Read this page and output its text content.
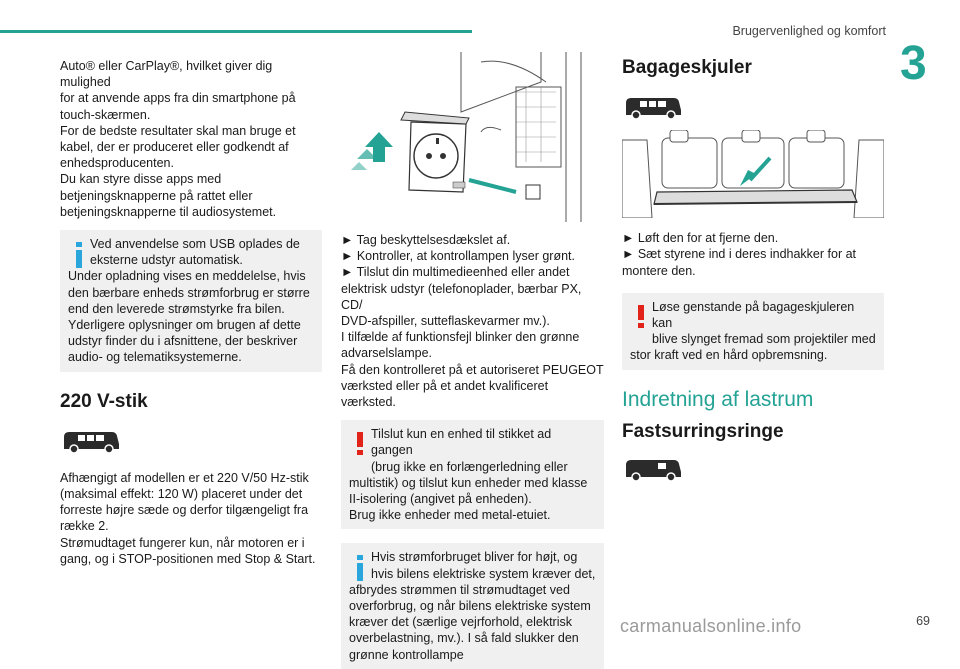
Brugervenlighed og komfort
3

Auto® eller CarPlay®, hvilket giver dig mulighed

for at anvende apps fra din smartphone på

touch-skærmen.

For de bedste resultater skal man bruge et

kabel, der er produceret eller godkendt af

enhedsproducenten.

Du kan styre disse apps med

betjeningsknapperne på rattet eller

betjeningsknapperne til audiosystemet.

Ved anvendelse som USB oplades de

eksterne udstyr automatisk.

Under opladning vises en meddelelse, hvis

den bærbare enheds strømforbrug er større

end den leverede strømstyrke fra bilen.

Yderligere oplysninger om brugen af dette

udstyr finder du i afsnittene, der beskriver

audio- og telematiksystemerne.

220 V-stik

Afhængigt af modellen er et 220 V/50 Hz-stik

(maksimal effekt: 120 W) placeret under det

forreste højre sæde og derfor tilgængeligt fra

række 2.

Strømudtaget fungerer kun, når motoren er i

gang, og i STOP-positionen med Stop & Start.

► Tag beskyttelsesdækslet af.

► Kontroller, at kontrollampen lyser grønt.

► Tilslut din multimedieenhed eller andet

elektrisk udstyr (telefonoplader, bærbar PX, CD/

DVD-afspiller, sutteflaskevarmer mv.).

I tilfælde af funktionsfejl blinker den grønne

advarselslampe.

Få den kontrolleret på et autoriseret PEUGEOT

værksted eller på et andet kvalificeret værksted.

Tilslut kun en enhed til stikket ad gangen

(brug ikke en forlængerledning eller

multistik) og tilslut kun enheder med klasse

II-isolering (angivet på enheden).

Brug ikke enheder med metal-etuiet.

Hvis strømforbruget bliver for højt, og

hvis bilens elektriske system kræver det,

afbrydes strømmen til strømudtaget ved

overforbrug, og når bilens elektriske system

kræver det (særlige vejrforhold, elektrisk

overbelastning, mv.). I så fald slukker den

grønne kontrollampe

Bagageskjuler

► Løft den for at fjerne den.

► Sæt styrene ind i deres indhakker for at

montere den.

Løse genstande på bagageskjuleren kan

blive slynget fremad som projektiler med

stor kraft ved en hård opbremsning.

Indretning af lastrum
Fastsurringsringe
carmanualsonline.info	69
